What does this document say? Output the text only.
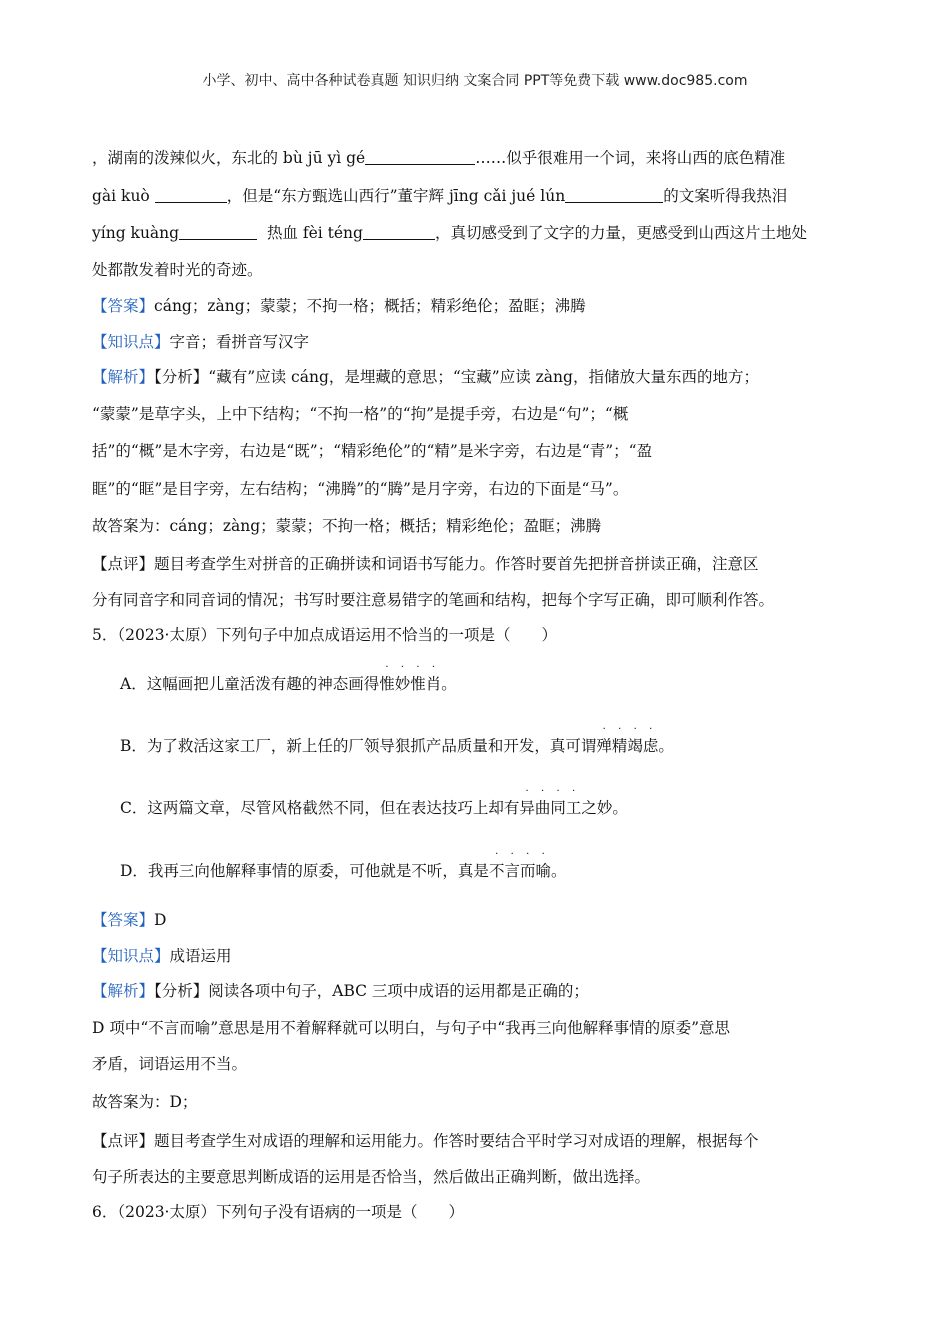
小学、初中、高中各种试卷真题 知识归纳 文案合同 PPT等免费下载 www.doc985.com
，湖南的泼辣似火，东北的 bù jū yì gé	……似乎很难用一个词，来将山西的底色精准
gài kuò	，但是“东方甄选山西行”董宇辉 jīng cǎi jué lún	的文案听得我热泪
yíng kuàng	热血 fèi téng	，真切感受到了文字的力量，更感受到山西这片土地处
处都散发着时光的奇迹。
【答案】cáng；zàng；蒙蒙；不拘一格；概括；精彩绝伦；盈眶；沸腾
【知识点】字音；看拼音写汉字
【解析】【分析】“藏有”应读 cáng，是埋藏的意思；“宝藏”应读 zàng，指储放大量东西的地方；
“蒙蒙”是草字头，上中下结构；“不拘一格”的“拘”是提手旁，右边是“句”；“概
括”的“概”是木字旁，右边是“既”；“精彩绝伦”的“精”是米字旁，右边是“青”；“盈
眶”的“眶”是目字旁，左右结构；“沸腾”的“腾”是月字旁，右边的下面是“马”。
故答案为：cáng；zàng；蒙蒙；不拘一格；概括；精彩绝伦；盈眶；沸腾
【点评】题目考查学生对拼音的正确拼读和词语书写能力。作答时要首先把拼音拼读正确，注意区
分有同音字和同音词的情况；书写时要注意易错字的笔画和结构，把每个字写正确，即可顺利作答。
5．（2023·太原）下列句子中加点成语运用不恰当的一项是（　　）
A．这幅画把儿童活泼有趣的神态画得
· · · ·
惟妙惟肖。
B．为了救活这家工厂，新上任的厂领导狠抓产品质量和开发，真可谓
· · · ·
殚精竭虑。
C．这两篇文章，尽管风格截然不同，但在表达技巧上却有
· · · ·
异曲同工之妙。
D．我再三向他解释事情的原委，可他就是不听，真是
· · · ·
不言而喻。
【答案】D
【知识点】成语运用
【解析】【分析】阅读各项中句子，ABC 三项中成语的运用都是正确的；
D 项中“不言而喻”意思是用不着解释就可以明白，与句子中“我再三向他解释事情的原委”意思
矛盾，词语运用不当。
故答案为：D；
【点评】题目考查学生对成语的理解和运用能力。作答时要结合平时学习对成语的理解，根据每个
句子所表达的主要意思判断成语的运用是否恰当，然后做出正确判断，做出选择。
6．（2023·太原）下列句子没有语病的一项是（　　）
